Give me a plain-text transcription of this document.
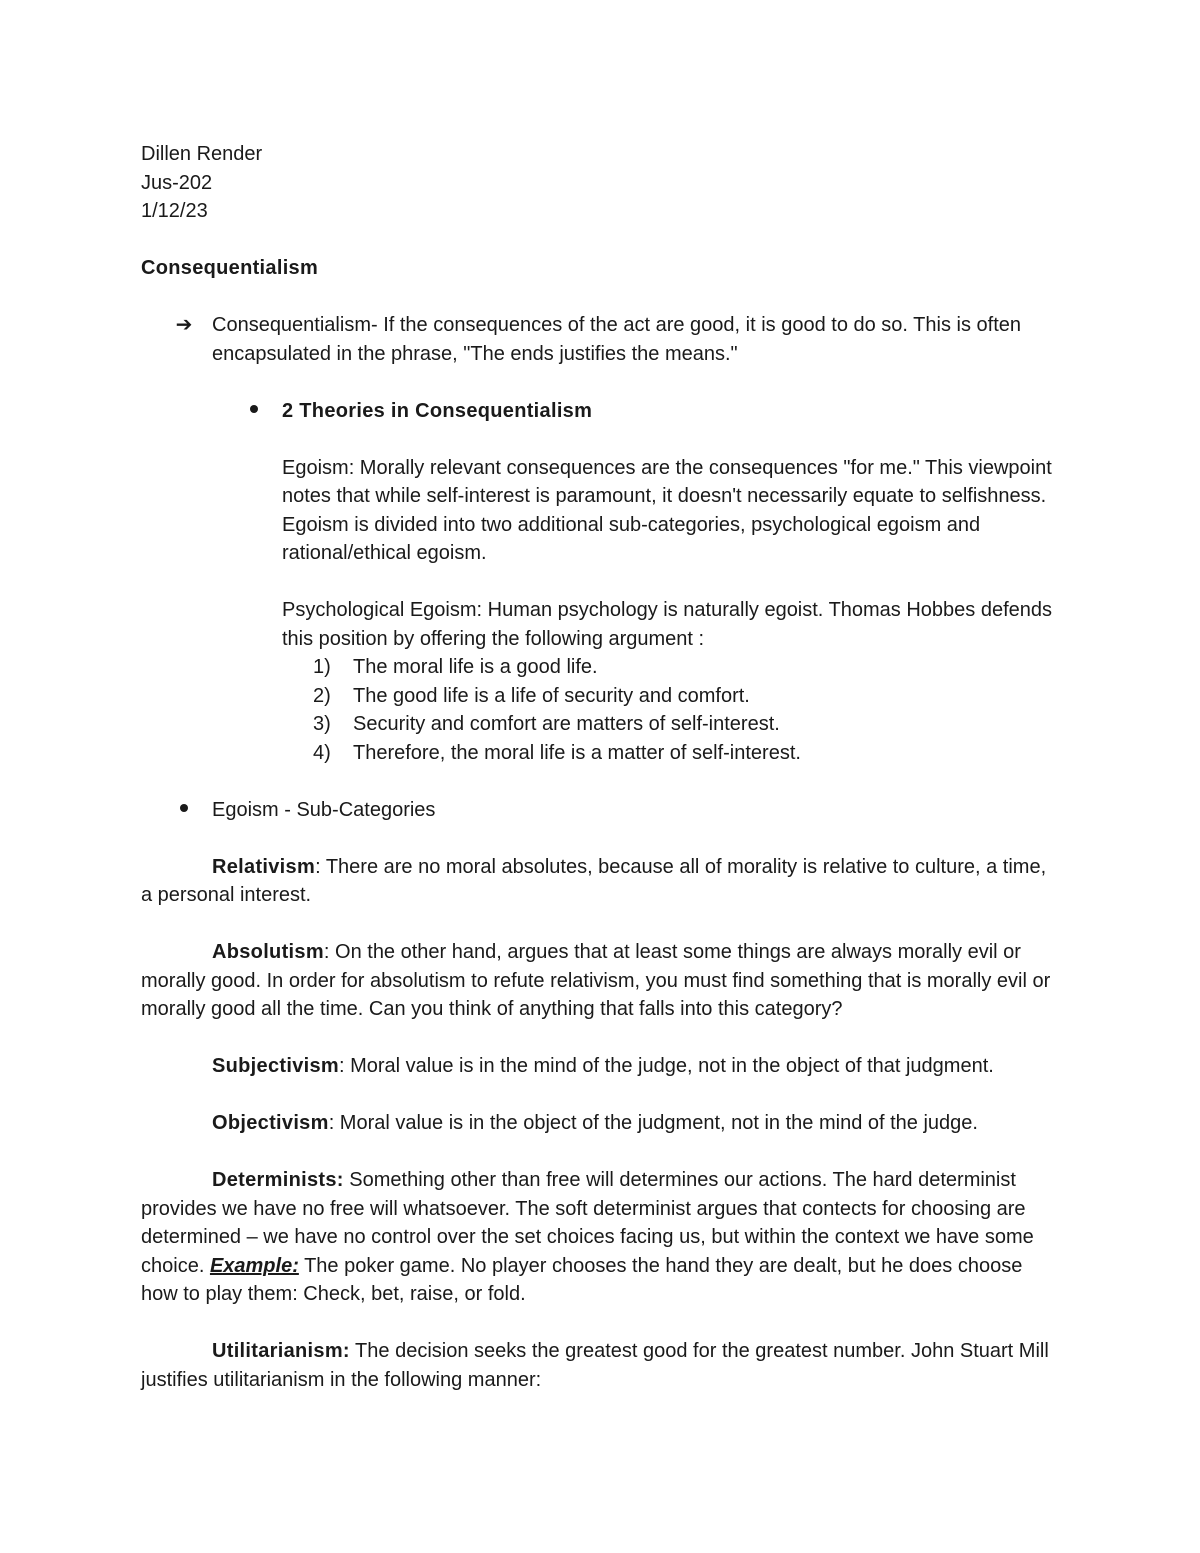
Dillen Render

Jus-202

1/12/23

Consequentialism

➔ Consequentialism- If the consequences of the act are good, it is good to do so. This is often encapsulated in the phrase, "The ends justifies the means."
2 Theories in Consequentialism

Egoism: Morally relevant consequences are the consequences "for me." This viewpoint notes that while self-interest is paramount, it doesn't necessarily equate to selfishness. Egoism is divided into two additional sub-categories, psychological egoism and rational/ethical egoism.

Psychological Egoism: Human psychology is naturally egoist. Thomas Hobbes defends this position by offering the following argument :

1)	The moral life is a good life.
2)	The good life is a life of security and comfort.
3)	Security and comfort are matters of self-interest.
4)	Therefore, the moral life is a matter of self-interest.
Egoism - Sub-Categories

Relativism: There are no moral absolutes, because all of morality is relative to culture, a time, a personal interest.

Absolutism: On the other hand, argues that at least some things are always morally evil or morally good. In order for absolutism to refute relativism, you must find something that is morally evil or morally good all the time. Can you think of anything that falls into this category?

Subjectivism: Moral value is in the mind of the judge, not in the object of that judgment.

Objectivism: Moral value is in the object of the judgment, not in the mind of the judge.

Determinists: Something other than free will determines our actions. The hard determinist provides we have no free will whatsoever. The soft determinist argues that contects for choosing are determined – we have no control over the set choices facing us, but within the context we have some choice. Example: The poker game. No player chooses the hand they are dealt, but he does choose how to play them: Check, bet, raise, or fold.

Utilitarianism: The decision seeks the greatest good for the greatest number. John Stuart Mill justifies utilitarianism in the following manner:
